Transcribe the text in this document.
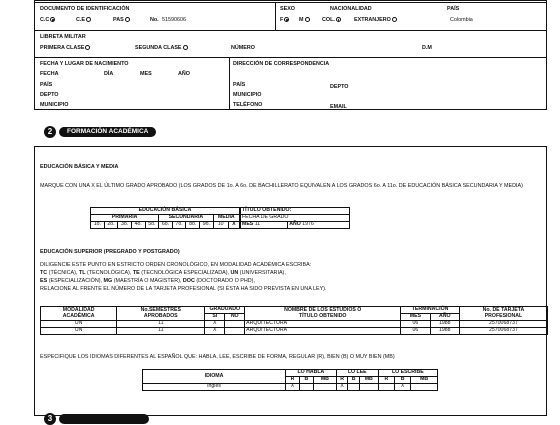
DOCUMENTO DE IDENTIFICACIÓN
C.C	C.E	PAS	No. 51590606
SEXO
F	M
NACIONALIDAD
COL.	EXTRANJERO
PAÍS
Colombia
LIBRETA MILITAR
PRIMERA CLASE	SEGUNDA CLASE	NÚMERO	D.M
FECHA Y LUGAR DE NACIMIENTO
FECHA	DÍA	MES	AÑO
PAÍS
DEPTO
MUNICIPIO
DIRECCIÓN DE CORRESPONDENCIA
PAÍS	DEPTO
MUNICIPIO
TELÉFONO	EMAIL
2	FORMACIÓN ACADÉMICA
EDUCACIÓN BÁSICA Y MEDIA
MARQUE CON UNA X EL ÚLTIMO GRADO APROBADO (LOS GRADOS DE 1o. A 6o. DE BACHILLERATO EQUIVALEN A LOS GRADOS 6o. A 11o. DE EDUCACIÓN BÁSICA SECUNDARIA Y MEDIA)
EDUCACIÓN BÁSICA										
PRIMARIA					SECUNDARIA				MEDIA	
1o.	2o.	3o.	4o.	5o.	6o.	7o.	8o.	9o.	10	X
TÍTULO OBTENIDO:
FECHA DE GRADO
MES 11	AÑO 1976
EDUCACIÓN SUPERIOR (PREGRADO Y POSTGRADO)
DILIGENCIE ESTE PUNTO EN ESTRICTO ORDEN CRONOLÓGICO, EN MODALIDAD ACADÉMICA ESCRIBA:
TC (TÉCNICA), TL (TECNOLÓGICA), TE (TECNOLÓGICA ESPECIALIZADA), UN (UNIVERSITARIA),
ES (ESPECIALIZACIÓN), MG (MAESTRÍA O MAGISTER), DOC (DOCTORADO O PHD),
RELACIONE AL FRENTE EL NÚMERO DE LA TARJETA PROFESIONAL (SI ÉSTA HA SIDO PREVISTA EN UNA LEY).
MODALIDAD
ACADÉMICA	No.SEMESTRES
APROBADOS	GRADUADO		NOMBRE DE LOS ESTUDIOS O
TÍTULO OBTENIDO	TERMINACIÓN		No. DE TARJETA
PROFESIONAL
		SI	NO		MES	AÑO	
UN	11	X		ARQUITECTURA	06	1988	2570068737
UN	11	X		ARQUITECTURA	06	1988	2570068737
ESPECIFIQUE LOS IDIOMAS DIFERENTES AL ESPAÑOL QUE: HABLA, LEE, ESCRIBE DE FORMA, REGULAR (R), BIEN (B) O MUY BIEN (MB)
IDIOMA	LO HABLA			LO LEE			LO ESCRIBE		
	R	B	MB	R	B	MB	R	B	MB
Inglés	X			X				X	
3
